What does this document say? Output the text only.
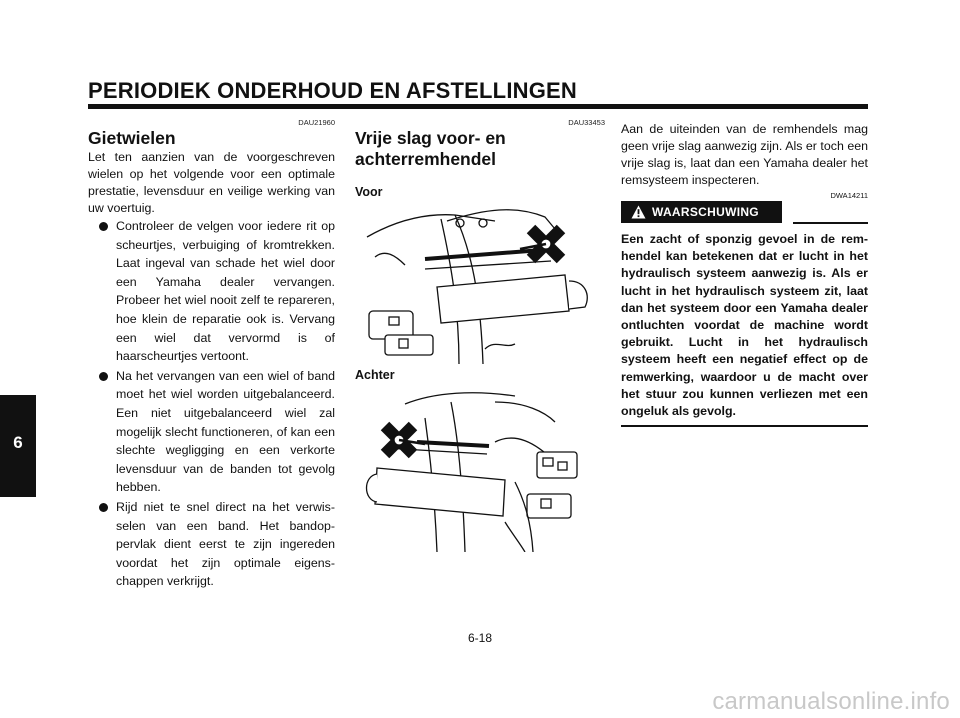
PERIODIEK ONDERHOUD EN AFSTELLINGEN
6
DAU21960
Gietwielen

Let ten aanzien van de voorgeschreven wielen op het volgende voor een optimale prestatie, levensduur en veilige werking van uw voertuig.

Controleer de velgen voor iedere rit op scheurtjes, verbuiging of kromtrekken. Laat ingeval van schade het wiel door een Yamaha dealer vervangen. Probeer het wiel nooit zelf te repareren, hoe klein de reparatie ook is. Vervang een wiel dat vervormd is of haarscheurtjes vertoont.
Na het vervangen van een wiel of band moet het wiel worden uitgebalanceerd. Een niet uitgebalanceerd wiel zal mogelijk slecht functioneren, of kan een slechte wegligging en een verkorte levensduur van de banden tot gevolg hebben.
Rijd niet te snel direct na het verwisselen van een band. Het bandoppervlak dient eerst te zijn ingereden voordat het zijn optimale eigenschappen verkrijgt.
DAU33453
Vrije slag voor- en achterremhendel
Voor
Achter

Aan de uiteinden van de remhendels mag geen vrije slag aanwezig zijn. Als er toch een vrije slag is, laat dan een Yamaha dealer het remsysteem inspecteren.

DWA14211
WAARSCHUWING

Een zacht of sponzig gevoel in de remhendel kan betekenen dat er lucht in het hydraulisch systeem aanwezig is. Als er lucht in het hydraulisch systeem zit, laat dan het systeem door een Yamaha dealer ontluchten voordat de machine wordt gebruikt. Lucht in het hydraulisch systeem heeft een negatief effect op de remwerking, waardoor u de macht over het stuur zou kunnen verliezen met een ongeluk als gevolg.

6-18
carmanualsonline.info
